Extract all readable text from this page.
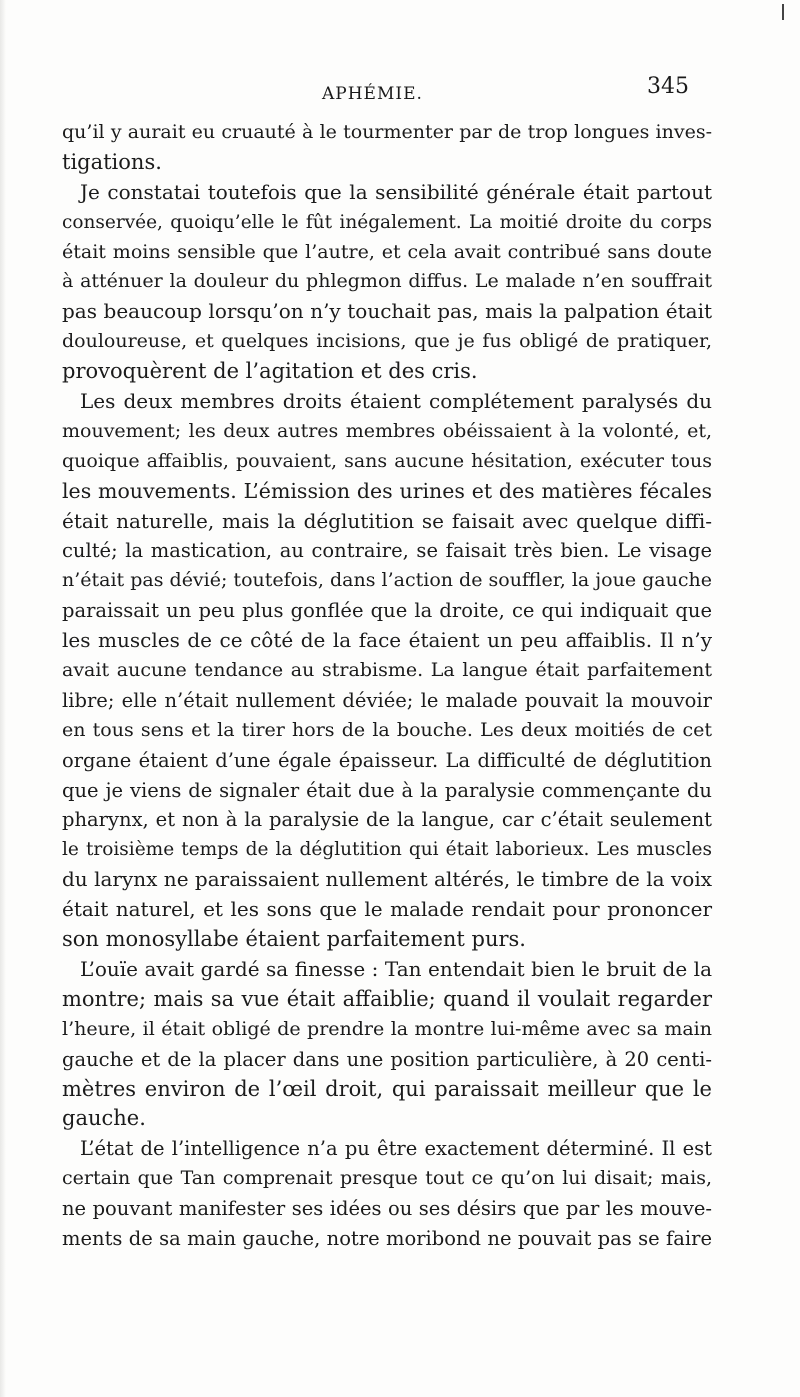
APHÉMIE.	345
qu’il y aurait eu cruauté à le tourmenter par de trop longues inves-
tigations.
Je constatai toutefois que la sensibilité générale était partout
conservée, quoiqu’elle le fût inégalement. La moitié droite du corps
était moins sensible que l’autre, et cela avait contribué sans doute
à atténuer la douleur du phlegmon diffus. Le malade n’en souffrait
pas beaucoup lorsqu’on n’y touchait pas, mais la palpation était
douloureuse, et quelques incisions, que je fus obligé de pratiquer,
provoquèrent de l’agitation et des cris.
Les deux membres droits étaient complétement paralysés du
mouvement; les deux autres membres obéissaient à la volonté, et,
quoique affaiblis, pouvaient, sans aucune hésitation, exécuter tous
les mouvements. L’émission des urines et des matières fécales
était naturelle, mais la déglutition se faisait avec quelque diffi-
culté; la mastication, au contraire, se faisait très bien. Le visage
n’était pas dévié; toutefois, dans l’action de souffler, la joue gauche
paraissait un peu plus gonflée que la droite, ce qui indiquait que
les muscles de ce côté de la face étaient un peu affaiblis. Il n’y
avait aucune tendance au strabisme. La langue était parfaitement
libre; elle n’était nullement déviée; le malade pouvait la mouvoir
en tous sens et la tirer hors de la bouche. Les deux moitiés de cet
organe étaient d’une égale épaisseur. La difficulté de déglutition
que je viens de signaler était due à la paralysie commençante du
pharynx, et non à la paralysie de la langue, car c’était seulement
le troisième temps de la déglutition qui était laborieux. Les muscles
du larynx ne paraissaient nullement altérés, le timbre de la voix
était naturel, et les sons que le malade rendait pour prononcer
son monosyllabe étaient parfaitement purs.
L’ouïe avait gardé sa finesse : Tan entendait bien le bruit de la
montre; mais sa vue était affaiblie; quand il voulait regarder
l’heure, il était obligé de prendre la montre lui-même avec sa main
gauche et de la placer dans une position particulière, à 20 centi-
mètres environ de l’œil droit, qui paraissait meilleur que le
gauche.
L’état de l’intelligence n’a pu être exactement déterminé. Il est
certain que Tan comprenait presque tout ce qu’on lui disait; mais,
ne pouvant manifester ses idées ou ses désirs que par les mouve-
ments de sa main gauche, notre moribond ne pouvait pas se faire
